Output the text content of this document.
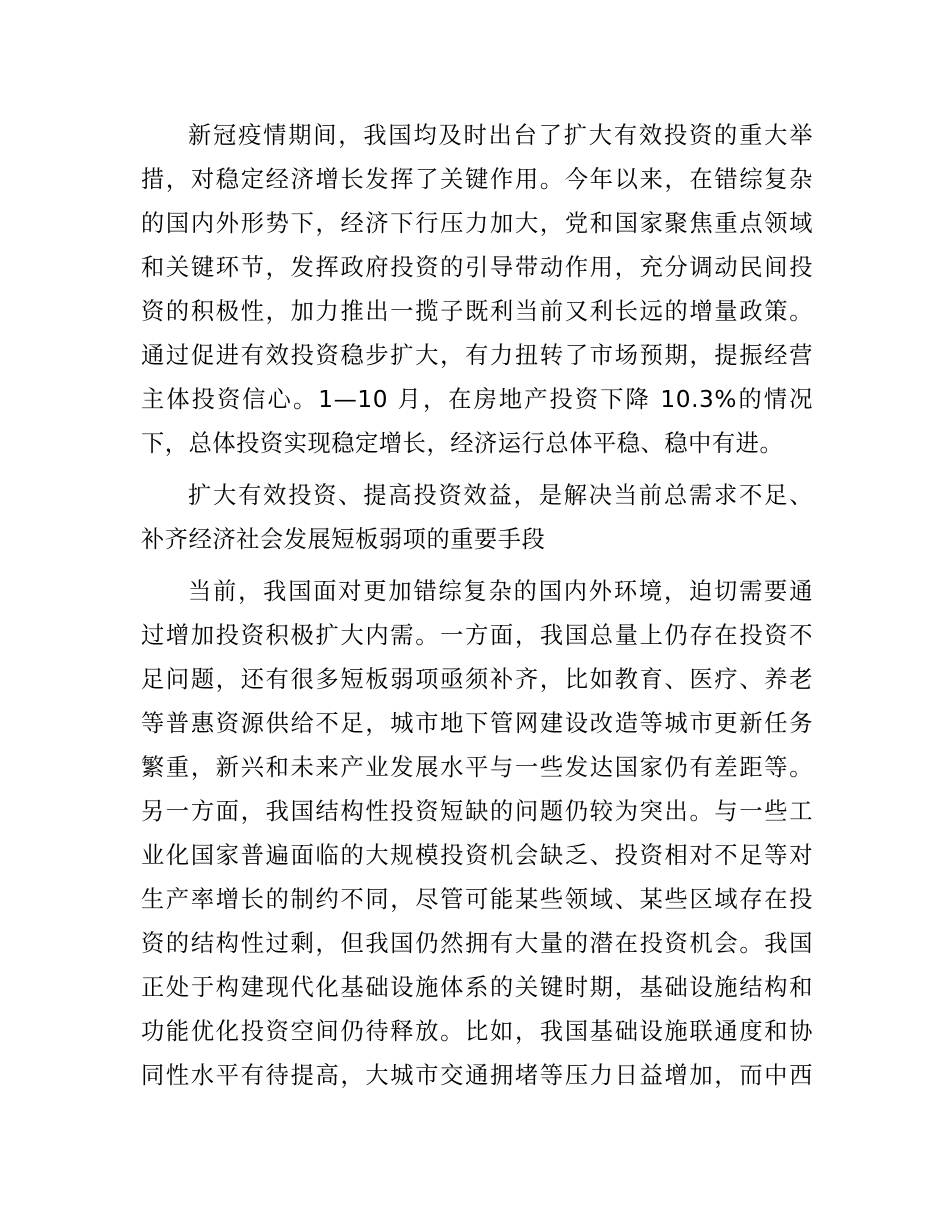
新冠疫情期间，我国均及时出台了扩大有效投资的重大举
措，对稳定经济增长发挥了关键作用。今年以来，在错综复杂
的国内外形势下，经济下行压力加大，党和国家聚焦重点领域
和关键环节，发挥政府投资的引导带动作用，充分调动民间投
资的积极性，加力推出一揽子既利当前又利长远的增量政策。
通过促进有效投资稳步扩大，有力扭转了市场预期，提振经营
主体投资信心。1—10 月，在房地产投资下降 10.3%的情况
下，总体投资实现稳定增长，经济运行总体平稳、稳中有进。
扩大有效投资、提高投资效益，是解决当前总需求不足、
补齐经济社会发展短板弱项的重要手段
当前，我国面对更加错综复杂的国内外环境，迫切需要通
过增加投资积极扩大内需。一方面，我国总量上仍存在投资不
足问题，还有很多短板弱项亟须补齐，比如教育、医疗、养老
等普惠资源供给不足，城市地下管网建设改造等城市更新任务
繁重，新兴和未来产业发展水平与一些发达国家仍有差距等。
另一方面，我国结构性投资短缺的问题仍较为突出。与一些工
业化国家普遍面临的大规模投资机会缺乏、投资相对不足等对
生产率增长的制约不同，尽管可能某些领域、某些区域存在投
资的结构性过剩，但我国仍然拥有大量的潜在投资机会。我国
正处于构建现代化基础设施体系的关键时期，基础设施结构和
功能优化投资空间仍待释放。比如，我国基础设施联通度和协
同性水平有待提高，大城市交通拥堵等压力日益增加，而中西
